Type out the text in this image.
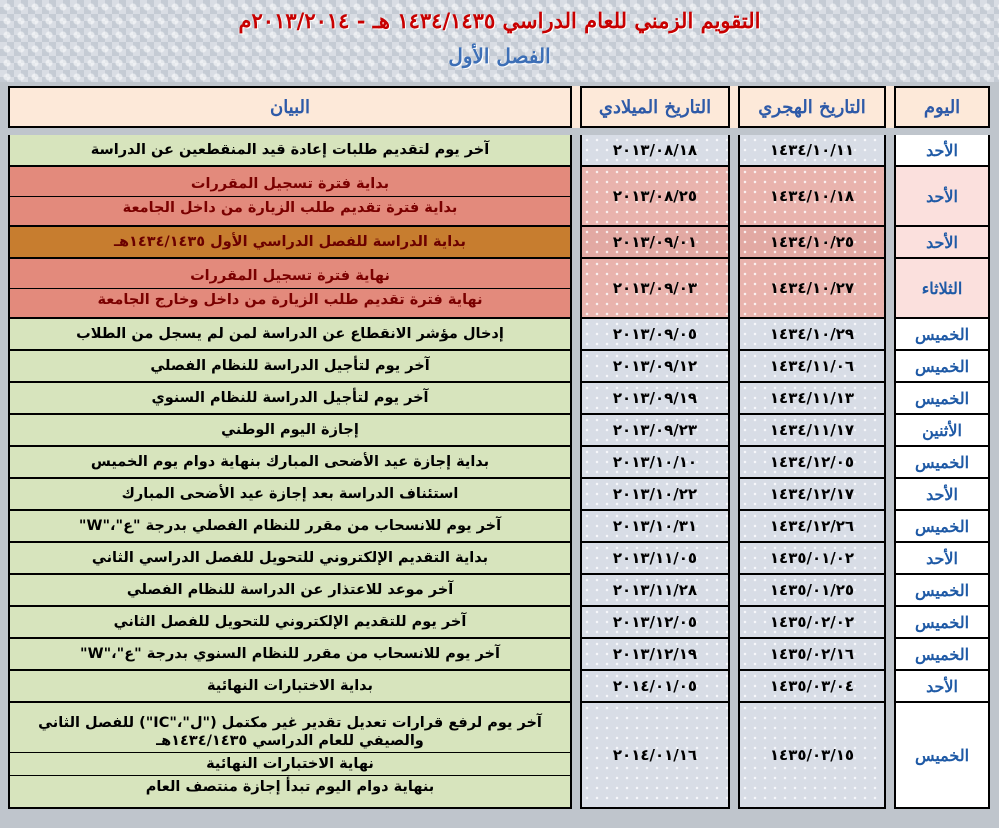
التقويم الزمني للعام الدراسي ١٤٣٤/١٤٣٥ هـ - ٢٠١٣/٢٠١٤م
الفصل الأول
اليوم		التاريخ الهجري		التاريخ الميلادي		البيان

الأحد		١٤٣٤/١٠/١١		٢٠١٣/٠٨/١٨		آخر يوم لتقديم طلبات إعادة قيد المنقطعين عن الدراسة

الأحد		١٤٣٤/١٠/١٨		٢٠١٣/٠٨/٢٥		بداية فترة تسجيل المقررات
بداية فترة تقديم طلب الزيارة من داخل الجامعة

الأحد		١٤٣٤/١٠/٢٥		٢٠١٣/٠٩/٠١		بداية الدراسة للفصل الدراسي الأول ١٤٣٤/١٤٣٥هـ

الثلاثاء		١٤٣٤/١٠/٢٧		٢٠١٣/٠٩/٠٣		نهاية فترة تسجيل المقررات
نهاية فترة تقديم طلب الزيارة من داخل وخارج الجامعة

الخميس		١٤٣٤/١٠/٢٩		٢٠١٣/٠٩/٠٥		إدخال مؤشر الانقطاع عن الدراسة لمن لم يسجل من الطلاب

الخميس		١٤٣٤/١١/٠٦		٢٠١٣/٠٩/١٢		آخر يوم لتأجيل الدراسة للنظام الفصلي

الخميس		١٤٣٤/١١/١٣		٢٠١٣/٠٩/١٩		آخر يوم لتأجيل الدراسة للنظام السنوي

الأثنين		١٤٣٤/١١/١٧		٢٠١٣/٠٩/٢٣		إجازة اليوم الوطني

الخميس		١٤٣٤/١٢/٠٥		٢٠١٣/١٠/١٠		بداية إجازة عيد الأضحى المبارك بنهاية دوام يوم الخميس

الأحد		١٤٣٤/١٢/١٧		٢٠١٣/١٠/٢٢		استئناف الدراسة بعد إجازة عيد الأضحى المبارك

الخميس		١٤٣٤/١٢/٢٦		٢٠١٣/١٠/٣١		آخر يوم للانسحاب من مقرر للنظام الفصلي بدرجة "ع"،"W"

الأحد		١٤٣٥/٠١/٠٢		٢٠١٣/١١/٠٥		بداية التقديم الإلكتروني للتحويل للفصل الدراسي الثاني

الخميس		١٤٣٥/٠١/٢٥		٢٠١٣/١١/٢٨		آخر موعد للاعتذار عن الدراسة للنظام الفصلي

الخميس		١٤٣٥/٠٢/٠٢		٢٠١٣/١٢/٠٥		آخر يوم للتقديم الإلكتروني للتحويل للفصل الثاني

الخميس		١٤٣٥/٠٢/١٦		٢٠١٣/١٢/١٩		آخر يوم للانسحاب من مقرر للنظام السنوي بدرجة "ع"،"W"

الأحد		١٤٣٥/٠٣/٠٤		٢٠١٤/٠١/٠٥		بداية الاختبارات النهائية

الخميس		١٤٣٥/٠٣/١٥		٢٠١٤/٠١/١٦		آخر يوم لرفع قرارات تعديل تقدير غير مكتمل ("ل"،"IC") للفصل الثاني والصيفي للعام الدراسي ١٤٣٤/١٤٣٥هـ
نهاية الاختبارات النهائية
بنهاية دوام اليوم تبدأ إجازة منتصف العام
